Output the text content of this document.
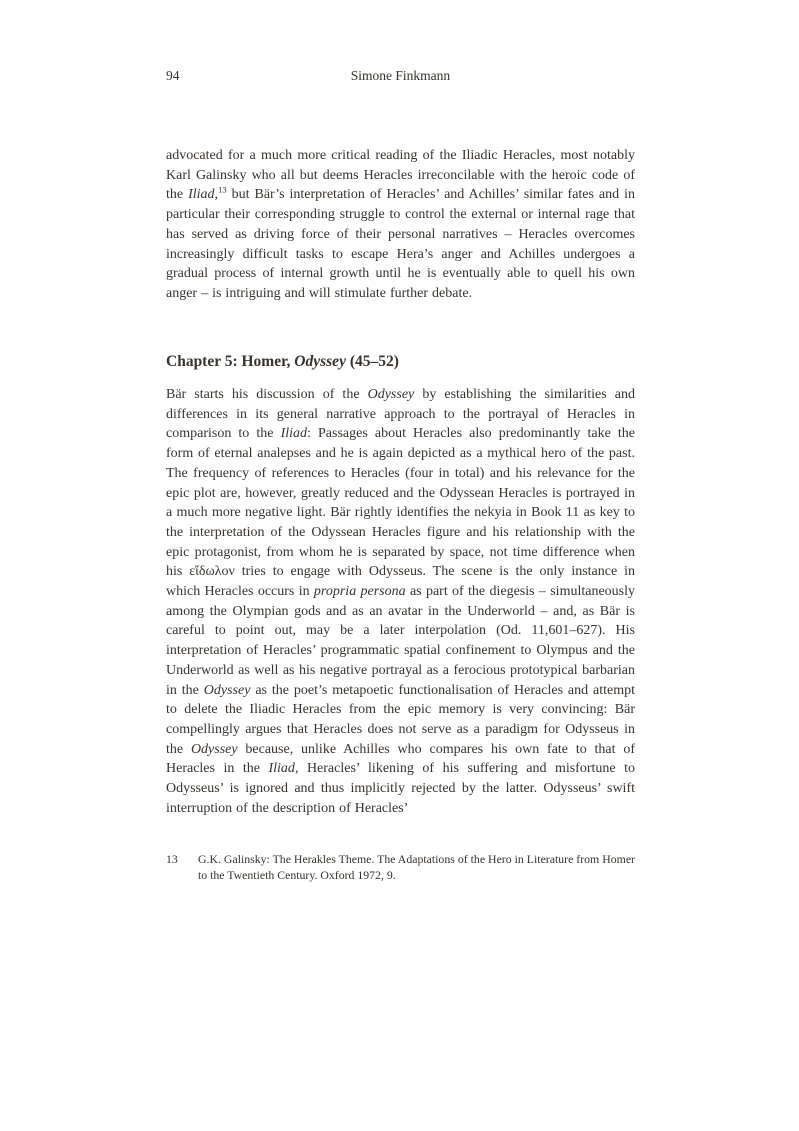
94	Simone Finkmann
advocated for a much more critical reading of the Iliadic Heracles, most notably Karl Galinsky who all but deems Heracles irreconcilable with the heroic code of the Iliad,$^{13}$ but Bär’s interpretation of Heracles’ and Achilles’ similar fates and in particular their corresponding struggle to control the external or internal rage that has served as driving force of their personal narratives – Heracles overcomes increasingly difficult tasks to escape Hera’s anger and Achilles undergoes a gradual process of internal growth until he is eventually able to quell his own anger – is intriguing and will stimulate further debate.
Chapter 5: Homer, Odyssey (45–52)
Bär starts his discussion of the Odyssey by establishing the similarities and differences in its general narrative approach to the portrayal of Heracles in comparison to the Iliad: Passages about Heracles also predominantly take the form of eternal analepses and he is again depicted as a mythical hero of the past. The frequency of references to Heracles (four in total) and his relevance for the epic plot are, however, greatly reduced and the Odyssean Heracles is portrayed in a much more negative light. Bär rightly identifies the nekyia in Book 11 as key to the interpretation of the Odyssean Heracles figure and his relationship with the epic protagonist, from whom he is separated by space, not time difference when his εἴδωλον tries to engage with Odysseus. The scene is the only instance in which Heracles occurs in propria persona as part of the diegesis – simultaneously among the Olympian gods and as an avatar in the Underworld – and, as Bär is careful to point out, may be a later interpolation (Od. 11,601–627). His interpretation of Heracles’ programmatic spatial confinement to Olympus and the Underworld as well as his negative portrayal as a ferocious prototypical barbarian in the Odyssey as the poet’s metapoetic functionalisation of Heracles and attempt to delete the Iliadic Heracles from the epic memory is very convincing: Bär compellingly argues that Heracles does not serve as a paradigm for Odysseus in the Odyssey because, unlike Achilles who compares his own fate to that of Heracles in the Iliad, Heracles’ likening of his suffering and misfortune to Odysseus’ is ignored and thus implicitly rejected by the latter. Odysseus’ swift interruption of the description of Heracles’
13	G.K. Galinsky: The Herakles Theme. The Adaptations of the Hero in Literature from Homer to the Twentieth Century. Oxford 1972, 9.
